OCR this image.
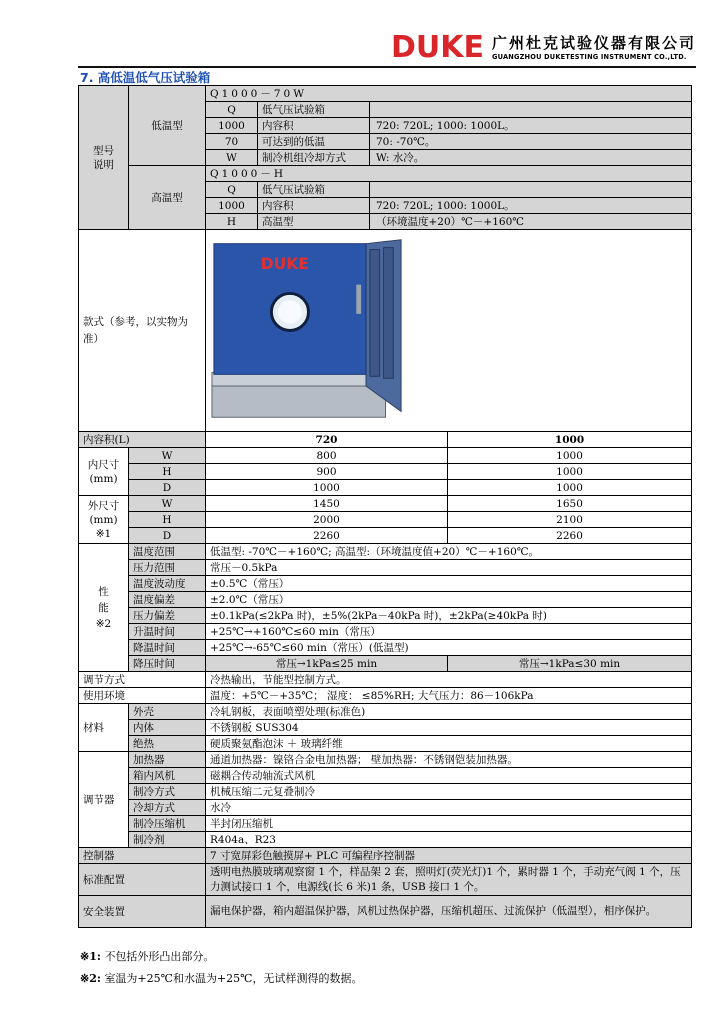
DUKE 广州杜克试验仪器有限公司
GUANGZHOU DUKETESTING INSTRUMENT CO.,LTD.
7. 高低温低气压试验箱
型号
说明	低温型	Q1000－70W			
		Q	低气压试验箱		
		1000	内容积	720: 720L; 1000: 1000L。	
		70	可达到的低温	70: -70℃。	
		W	制冷机组冷却方式	W: 水冷。	
	高温型	Q1000－H			
		Q	低气压试验箱		
		1000	内容积	720: 720L; 1000: 1000L。	
		H	高温型	（环境温度+20）℃－+160℃	
款式（参考，以实物为准）		DUKE			

内容积(L)		720			1000
内尺寸
(mm)	W	800			1000
	H	900			1000
	D	1000			1000
外尺寸
(mm)
※1	W	1450			1650
	H	2000			2100
	D	2260			2260
性
能
※2	温度范围	低温型: -70℃－+160℃; 高温型:（环境温度值+20）℃－+160℃。			
	压力范围	常压－0.5kPa			
	温度波动度	±0.5℃（常压）			
	温度偏差	±2.0℃（常压）			
	压力偏差	±0.1kPa(≤2kPa 时)，±5%(2kPa－40kPa 时)，±2kPa(≥40kPa 时)			
	升温时间	+25℃→+160℃≤60 min（常压）			
	降温时间	+25℃→-65℃≤60 min（常压）(低温型)			
	降压时间	常压→1kPa≤25 min			常压→1kPa≤30 min
调节方式		冷热输出，节能型控制方式。			
使用环境		温度：+5℃－+35℃； 湿度： ≤85%RH; 大气压力：86－106kPa			
材料	外壳	冷轧钢板，表面喷塑处理(标准色)			
	内体	不锈钢板 SUS304			
	绝热	硬质聚氨酯泡沫 ＋ 玻璃纤维			
调节器	加热器	通道加热器：镍铬合金电加热器； 壁加热器：不锈钢铠装加热器。			
	箱内风机	磁耦合传动轴流式风机			
	制冷方式	机械压缩二元复叠制冷			
	冷却方式	水冷			
	制冷压缩机	半封闭压缩机			
	制冷剂	R404a、R23			
控制器		7 寸宽屏彩色触摸屏+ PLC 可编程序控制器			
标准配置		透明电热膜玻璃观察窗 1 个，样品架 2 套，照明灯(荧光灯)1 个，累时器 1 个，手动充气阀 1 个，压力测试接口 1 个，电源线(长 6 米)1 条，USB 接口 1 个。			
安全装置		漏电保护器，箱内超温保护器，风机过热保护器，压缩机超压、过流保护（低温型），相序保护。			
※1: 不包括外形凸出部分。
※2: 室温为+25℃和水温为+25℃，无试样测得的数据。
